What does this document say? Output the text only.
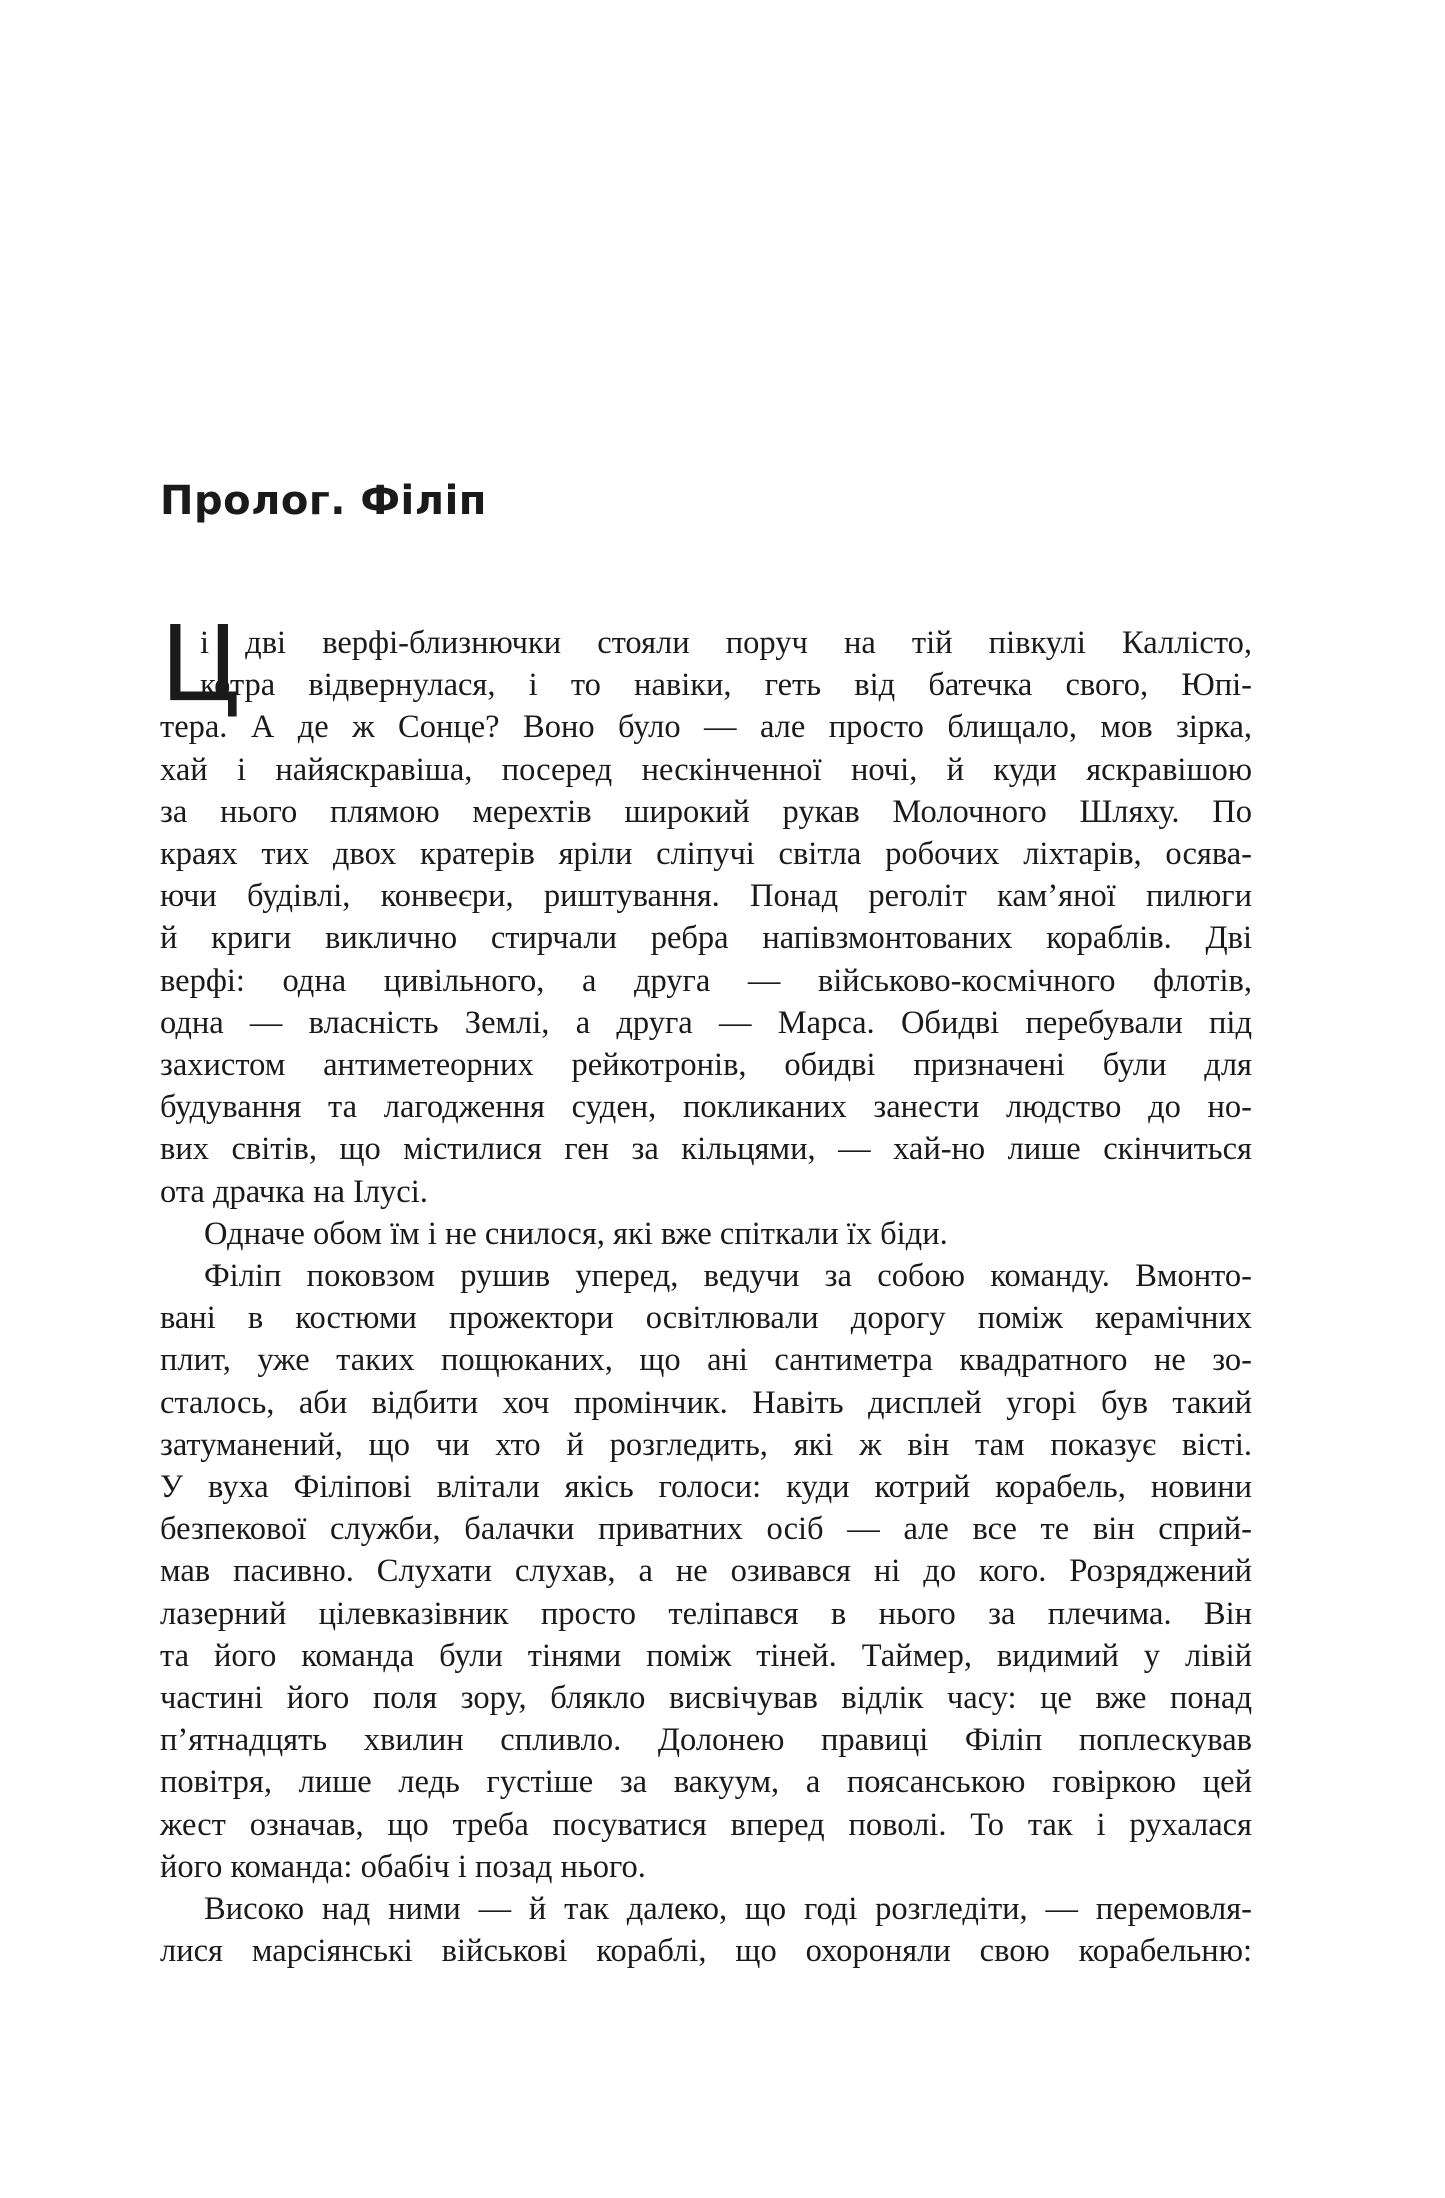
Пролог. Філіп
Ц
і дві верфі-близнючки стояли поруч на тій півкулі Каллісто,
котра відвернулася, і то навіки, геть від батечка свого, Юпі-
тера. А де ж Сонце? Воно було — але просто блищало, мов зірка,
хай і найяскравіша, посеред нескінченної ночі, й куди яскравішою
за нього плямою мерехтів широкий рукав Молочного Шляху. По
краях тих двох кратерів яріли сліпучі світла робочих ліхтарів, осява-
ючи будівлі, конвеєри, риштування. Понад реголіт кам’яної пилюги
й криги виклично стирчали ребра напівзмонтованих кораблів. Дві
верфі: одна цивільного, а друга — військово-космічного флотів,
одна — власність Землі, а друга — Марса. Обидві перебували під
захистом антиметеорних рейкотронів, обидві призначені були для
будування та лагодження суден, покликаних занести людство до но-
вих світів, що містилися ген за кільцями, — хай-но лише скінчиться
ота драчка на Ілусі.
Одначе обом їм і не снилося, які вже спіткали їх біди.
Філіп поковзом рушив уперед, ведучи за собою команду. Вмонто-
вані в костюми прожектори освітлювали дорогу поміж керамічних
плит, уже таких пощюканих, що ані сантиметра квадратного не зо-
сталось, аби відбити хоч промінчик. Навіть дисплей угорі був такий
затуманений, що чи хто й розгледить, які ж він там показує вісті.
У вуха Філіпові влітали якісь голоси: куди котрий корабель, новини
безпекової служби, балачки приватних осіб — але все те він сприй-
мав пасивно. Слухати слухав, а не озивався ні до кого. Розряджений
лазерний цілевказівник просто теліпався в нього за плечима. Він
та його команда були тінями поміж тіней. Таймер, видимий у лівій
частині його поля зору, блякло висвічував відлік часу: це вже понад
п’ятнадцять хвилин спливло. Долонею правиці Філіп поплескував
повітря, лише ледь густіше за вакуум, а поясанською говіркою цей
жест означав, що треба посуватися вперед поволі. То так і рухалася
його команда: обабіч і позад нього.
Високо над ними — й так далеко, що годі розгледіти, — перемовля-
лися марсіянські військові кораблі, що охороняли свою корабельню:
